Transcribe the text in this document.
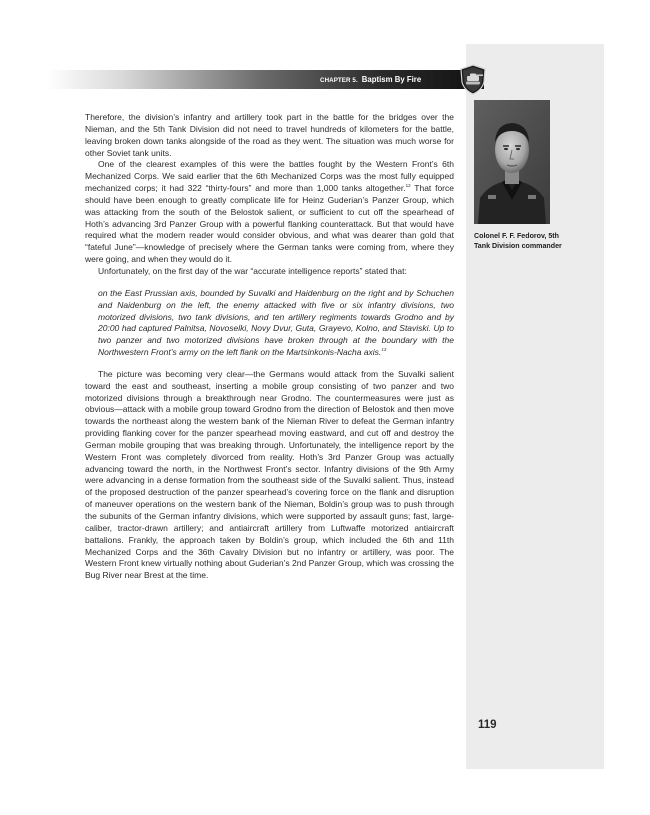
CHAPTER 5. Baptism By Fire

Therefore, the division’s infantry and artillery took part in the battle for the bridges over the Nieman, and the 5th Tank Division did not need to travel hundreds of kilometers for the battle, leaving broken down tanks alongside of the road as they went. The situation was much worse for other Soviet tank units.

One of the clearest examples of this were the battles fought by the Western Front’s 6th Mechanized Corps. We said earlier that the 6th Mechanized Corps was the most fully equipped mechanized corps; it had 322 “thirty-fours” and more than 1,000 tanks altogether.$^{12}$ That force should have been enough to greatly complicate life for Heinz Guderian’s Panzer Group, which was attacking from the south of the Belostok salient, or sufficient to cut off the spearhead of Hoth’s advancing 3rd Panzer Group with a powerful flanking counterattack. But that would have required what the modern reader would consider obvious, and what was dearer than gold that “fateful June”—knowledge of precisely where the German tanks were coming from, where they were going, and when they would do it.

Unfortunately, on the first day of the war “accurate intelligence reports” stated that:

on the East Prussian axis, bounded by Suvalki and Haidenburg on the right and by Schuchen and Naidenburg on the left, the enemy attacked with five or six infantry divisions, two motorized divisions, two tank divisions, and ten artillery regiments towards Grodno and by 20:00 had captured Palnitsa, Novoselki, Novy Dvur, Guta, Grayevo, Kolno, and Staviski. Up to two panzer and two motorized divisions have broken through at the boundary with the Northwestern Front’s army on the left flank on the Martsinkonis-Nacha axis.$^{13}$

The picture was becoming very clear—the Germans would attack from the Suvalki salient toward the east and southeast, inserting a mobile group consisting of two panzer and two motorized divisions through a breakthrough near Grodno. The countermeasures were just as obvious—attack with a mobile group toward Grodno from the direction of Belostok and then move towards the northeast along the western bank of the Nieman River to defeat the German infantry providing flanking cover for the panzer spearhead moving eastward, and cut off and destroy the German mobile grouping that was breaking through. Unfortunately, the intelligence report by the Western Front was completely divorced from reality. Hoth’s 3rd Panzer Group was actually advancing toward the north, in the Northwest Front’s sector. Infantry divisions of the 9th Army were advancing in a dense formation from the southeast side of the Suvalki salient. Thus, instead of the proposed destruction of the panzer spearhead’s covering force on the flank and disruption of maneuver operations on the western bank of the Nieman, Boldin’s group was to push through the subunits of the German infantry divisions, which were supported by assault guns; fast, large-caliber, tractor-drawn artillery; and antiaircraft artillery from Luftwaffe motorized antiaircraft battalions. Frankly, the approach taken by Boldin’s group, which included the 6th and 11th Mechanized Corps and the 36th Cavalry Division but no infantry or artillery, was poor. The Western Front knew virtually nothing about Guderian’s 2nd Panzer Group, which was crossing the Bug River near Brest at the time.

Colonel F. F. Fedorov, 5th Tank Division commander
119
